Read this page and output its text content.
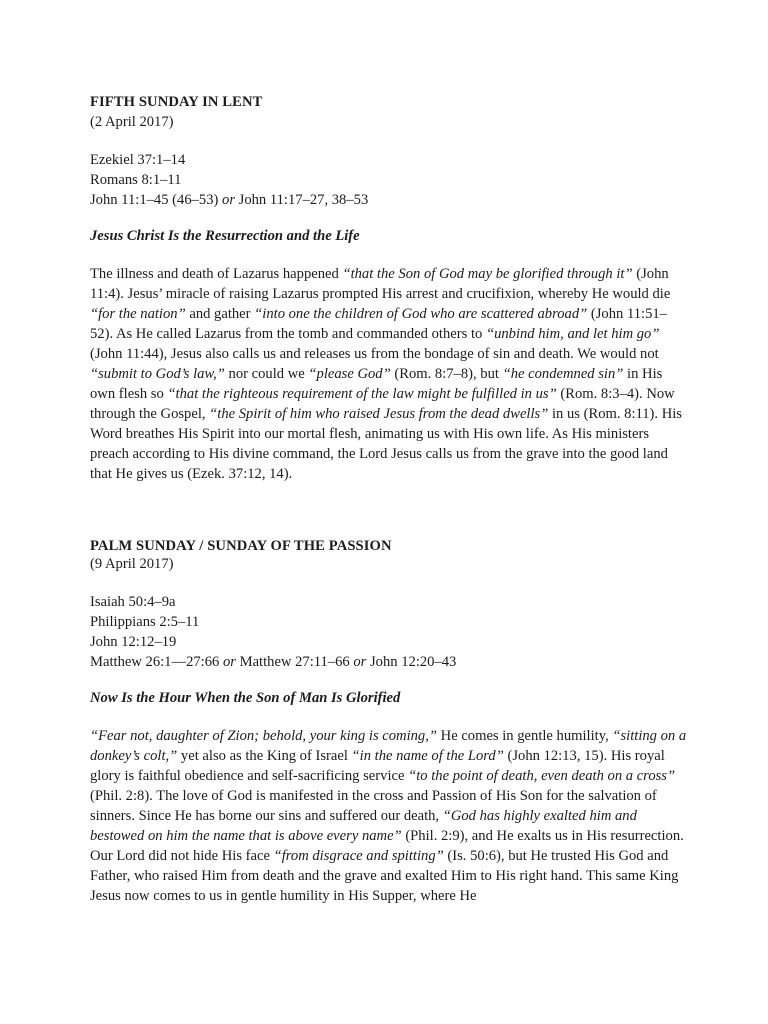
FIFTH SUNDAY IN LENT
(2 April 2017)
Ezekiel 37:1–14
Romans 8:1–11
John 11:1–45 (46–53) or John 11:17–27, 38–53
Jesus Christ Is the Resurrection and the Life

The illness and death of Lazarus happened “that the Son of God may be glorified through it” (John 11:4). Jesus’ miracle of raising Lazarus prompted His arrest and crucifixion, whereby He would die “for the nation” and gather “into one the children of God who are scattered abroad” (John 11:51–52). As He called Lazarus from the tomb and commanded others to “unbind him, and let him go” (John 11:44), Jesus also calls us and releases us from the bondage of sin and death. We would not “submit to God’s law,” nor could we “please God” (Rom. 8:7–8), but “he condemned sin” in His own flesh so “that the righteous requirement of the law might be fulfilled in us” (Rom. 8:3–4). Now through the Gospel, “the Spirit of him who raised Jesus from the dead dwells” in us (Rom. 8:11). His Word breathes His Spirit into our mortal flesh, animating us with His own life. As His ministers preach according to His divine command, the Lord Jesus calls us from the grave into the good land that He gives us (Ezek. 37:12, 14).

PALM SUNDAY / SUNDAY OF THE PASSION
(9 April 2017)
Isaiah 50:4–9a
Philippians 2:5–11
John 12:12–19
Matthew 26:1—27:66 or Matthew 27:11–66 or John 12:20–43
Now Is the Hour When the Son of Man Is Glorified

“Fear not, daughter of Zion; behold, your king is coming,” He comes in gentle humility, “sitting on a donkey’s colt,” yet also as the King of Israel “in the name of the Lord” (John 12:13, 15). His royal glory is faithful obedience and self-sacrificing service “to the point of death, even death on a cross” (Phil. 2:8). The love of God is manifested in the cross and Passion of His Son for the salvation of sinners. Since He has borne our sins and suffered our death, “God has highly exalted him and bestowed on him the name that is above every name” (Phil. 2:9), and He exalts us in His resurrection. Our Lord did not hide His face “from disgrace and spitting” (Is. 50:6), but He trusted His God and Father, who raised Him from death and the grave and exalted Him to His right hand. This same King Jesus now comes to us in gentle humility in His Supper, where He
